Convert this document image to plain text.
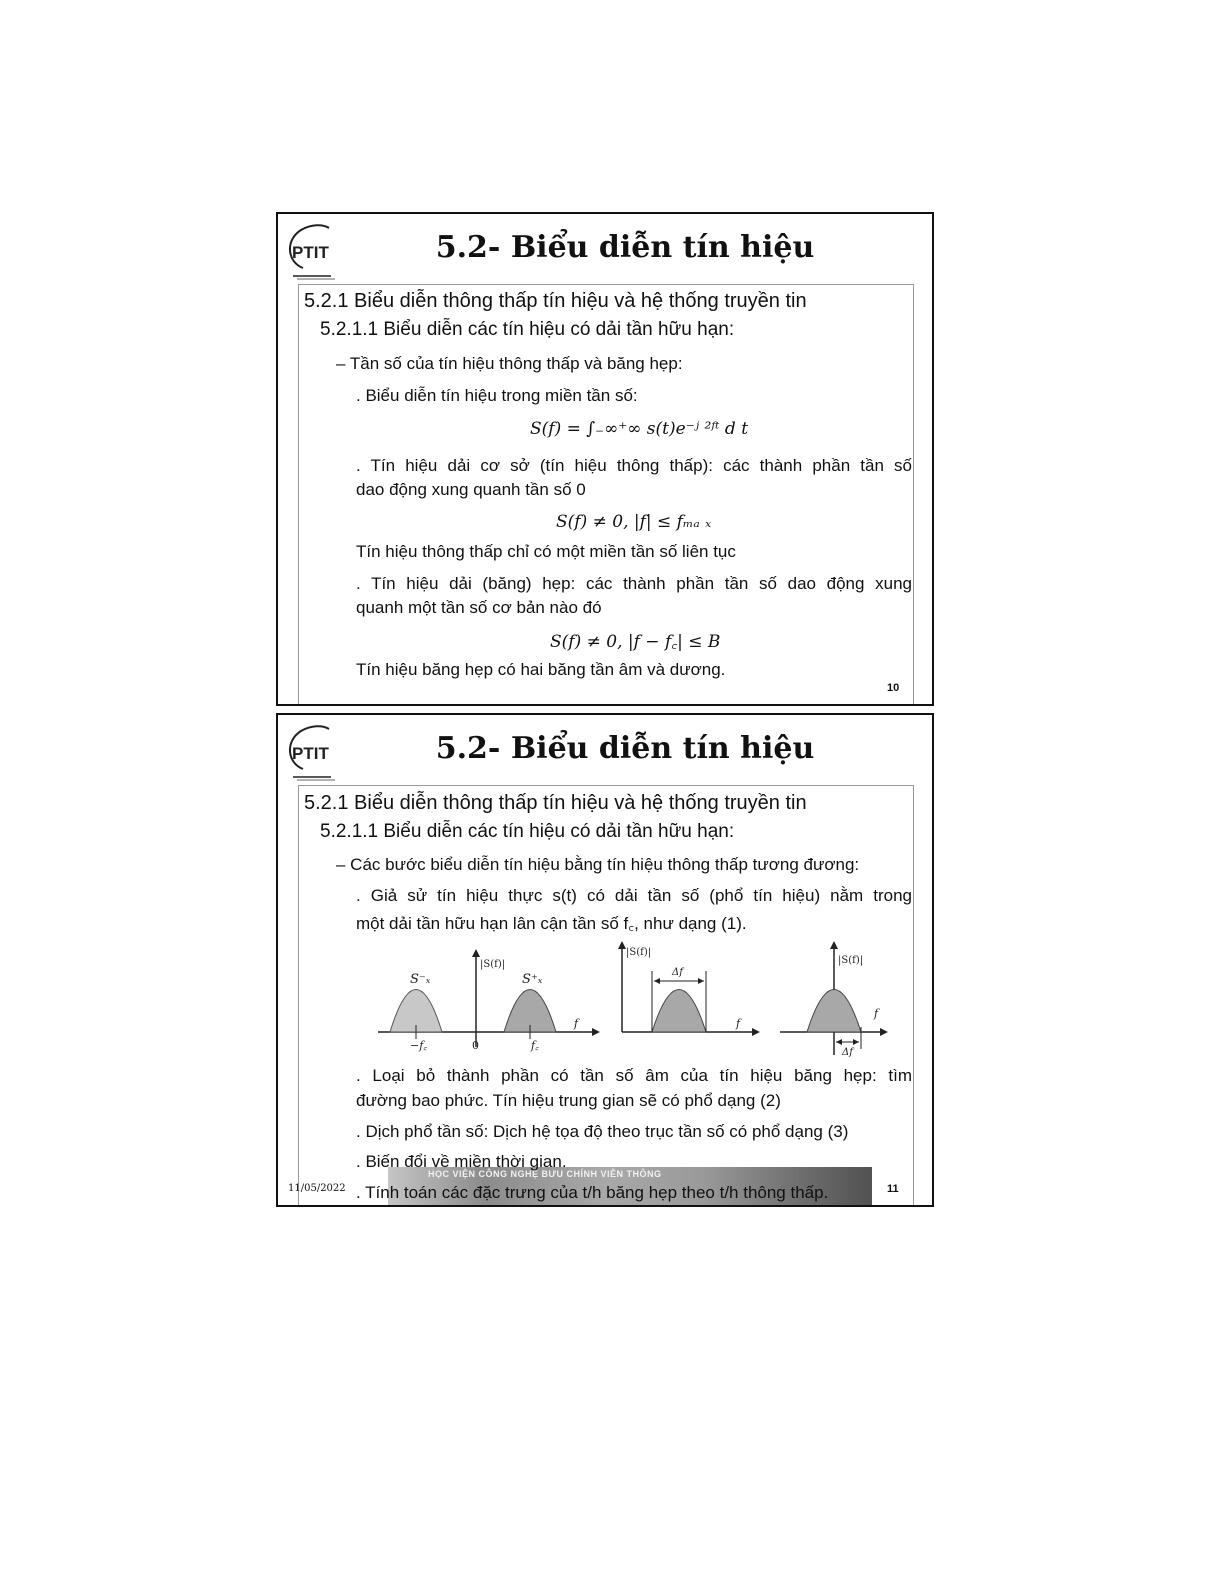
PTIT	5.2- Biểu diễn tín hiệu
5.2.1 Biểu diễn thông thấp tín hiệu và hệ thống truyền tin
5.2.1.1 Biểu diễn các tín hiệu có dải tần hữu hạn:
– Tần số của tín hiệu thông thấp và băng hẹp:
. Biểu diễn tín hiệu trong miền tần số:
S(f) = ∫₋∞⁺∞ s(t)e⁻ʲ ²ᶠᵗ d t
. Tín hiệu dải cơ sở (tín hiệu thông thấp): các thành phần tần số
dao động xung quanh tần số 0
S(f) ≠ 0, |f| ≤ fₘₐ ₓ
Tín hiệu thông thấp chỉ có một miền tần số liên tục
. Tín hiệu dải (băng) hẹp: các thành phần tần số dao động xung
quanh một tần số cơ bản nào đó
S(f) ≠ 0, |f − f꜀| ≤ B
Tín hiệu băng hẹp có hai băng tần âm và dương.
10
PTIT	5.2- Biểu diễn tín hiệu
5.2.1 Biểu diễn thông thấp tín hiệu và hệ thống truyền tin
5.2.1.1 Biểu diễn các tín hiệu có dải tần hữu hạn:
– Các bước biểu diễn tín hiệu bằng tín hiệu thông thấp tương đương:
. Giả sử tín hiệu thực s(t) có dải tần số (phổ tín hiệu) nằm trong
một dải tần hữu hạn lân cận tần số f꜀, như dạng (1).
S⁻ₓ	S⁺ₓ
|S(f)|
−f꜀	0	f꜀
f
|S(f)|
Δf
f
|S(f)|
Δf
f
. Loại bỏ thành phần có tần số âm của tín hiệu băng hẹp: tìm
đường bao phức. Tín hiệu trung gian sẽ có phổ dạng (2)
. Dịch phổ tần số: Dịch hệ tọa độ theo trục tần số có phổ dạng (3)
HỌC VIỆN CÔNG NGHỆ BƯU CHÍNH VIỄN THÔNG
. Biến đổi về miền thời gian.
. Tính toán các đặc trưng của t/h băng hẹp theo t/h thông thấp.
11/05/2022	11
